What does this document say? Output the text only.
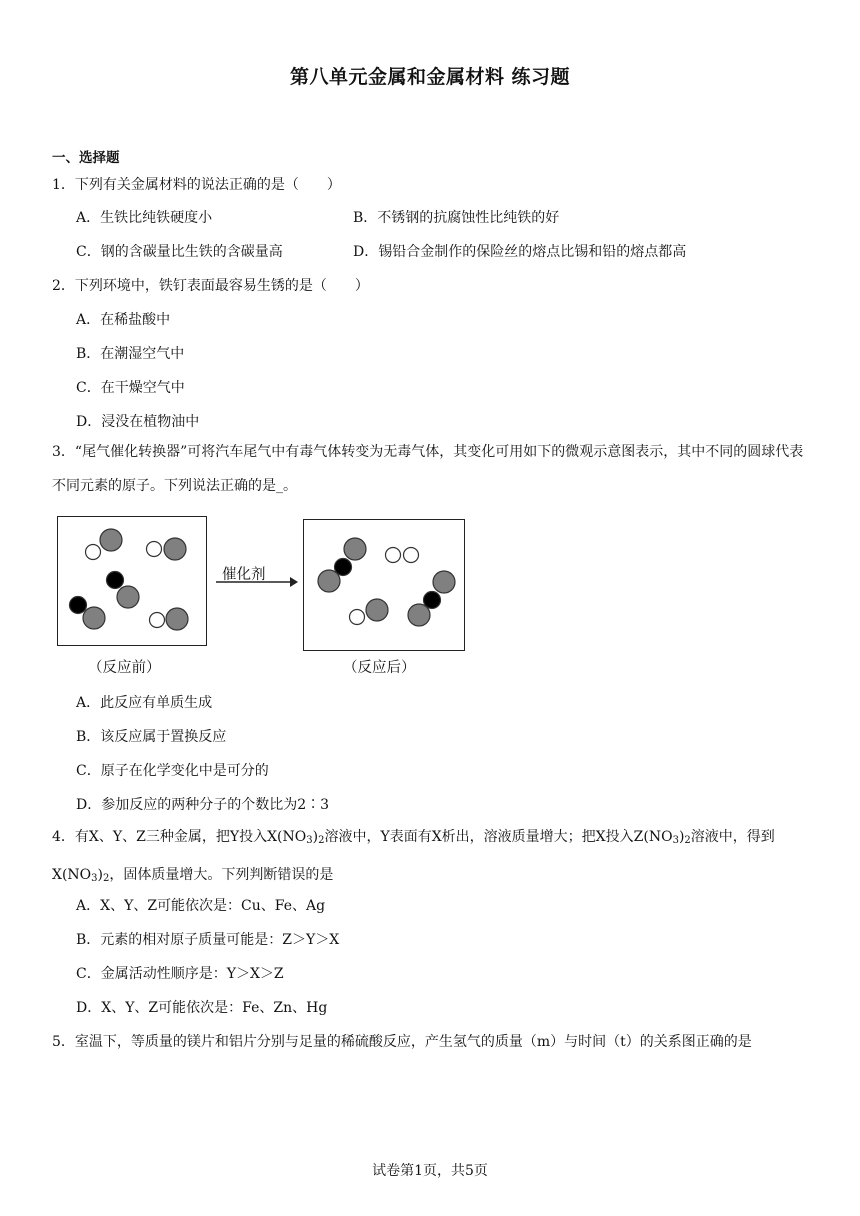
第八单元金属和金属材料 练习题
一、选择题
1．下列有关金属材料的说法正确的是（　　）
A．生铁比纯铁硬度小	B．不锈钢的抗腐蚀性比纯铁的好
C．钢的含碳量比生铁的含碳量高	D．锡铅合金制作的保险丝的熔点比锡和铅的熔点都高
2．下列环境中，铁钉表面最容易生锈的是（　　）
A．在稀盐酸中
B．在潮湿空气中
C．在干燥空气中
D．浸没在植物油中
3．“尾气催化转换器”可将汽车尾气中有毒气体转变为无毒气体，其变化可用如下的微观示意图表示，其中不同的圆球代表不同元素的原子。下列说法正确的是_。
催化剂
（反应前）	（反应后）
A．此反应有单质生成
B．该反应属于置换反应
C．原子在化学变化中是可分的
D．参加反应的两种分子的个数比为2∶3
4．有X、Y、Z三种金属，把Y投入$X(NO_3)_2$溶液中，Y表面有X析出，溶液质量增大；把X投入$Z(NO_3)_2$溶液中，得到$X(NO_3)_2$，固体质量增大。下列判断错误的是
A．X、Y、Z可能依次是：Cu、Fe、Ag
B．元素的相对原子质量可能是：Z＞Y＞X
C．金属活动性顺序是：Y＞X＞Z
D．X、Y、Z可能依次是：Fe、Zn、Hg
5．室温下，等质量的镁片和铝片分别与足量的稀硫酸反应，产生氢气的质量（m）与时间（t）的关系图正确的是
试卷第1页，共5页
